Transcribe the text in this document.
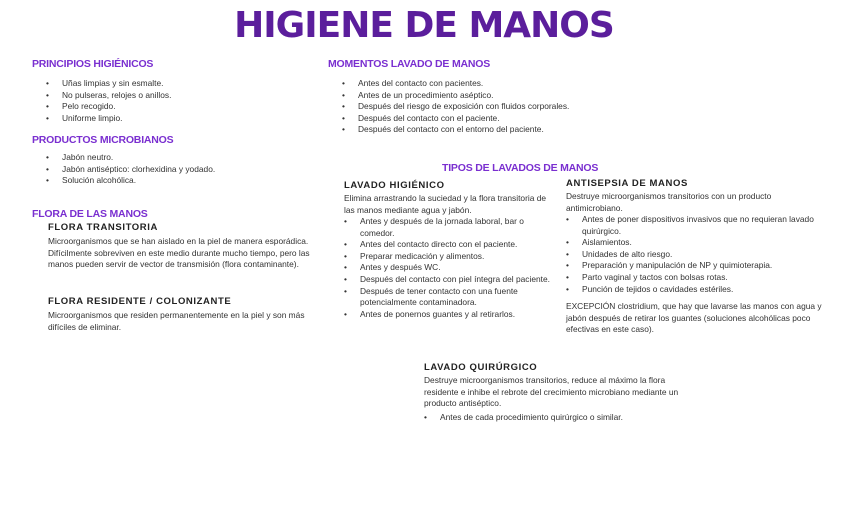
HIGIENE DE MANOS
PRINCIPIOS HIGIÉNICOS
• Uñas limpias y sin esmalte.
• No pulseras, relojes o anillos.
• Pelo recogido.
• Uniforme limpio.
PRODUCTOS MICROBIANOS
• Jabón neutro.
• Jabón antiséptico: clorhexidina y yodado.
• Solución alcohólica.
FLORA DE LAS MANOS
FLORA TRANSITORIA

Microorganismos que se han aislado en la piel de manera esporádica. Difícilmente sobreviven en este medio durante mucho tiempo, pero las manos pueden servir de vector de transmisión (flora contaminante).

FLORA RESIDENTE / COLONIZANTE

Microorganismos que residen permanentemente en la piel y son más difíciles de eliminar.

MOMENTOS LAVADO DE MANOS
• Antes del contacto con pacientes.
• Antes de un procedimiento aséptico.
• Después del riesgo de exposición con fluidos corporales.
• Después del contacto con el paciente.
• Después del contacto con el entorno del paciente.
TIPOS DE LAVADOS DE MANOS
LAVADO HIGIÉNICO

Elimina arrastrando la suciedad y la flora transitoria de las manos mediante agua y jabón.

• Antes y después de la jornada laboral, bar o comedor.
• Antes del contacto directo con el paciente.
• Preparar medicación y alimentos.
• Antes y después WC.
• Después del contacto con piel íntegra del paciente.
• Después de tener contacto con una fuente potencialmente contaminadora.
• Antes de ponernos guantes y al retirarlos.
ANTISEPSIA DE MANOS

Destruye microorganismos transitorios con un producto antimicrobiano.

• Antes de poner dispositivos invasivos que no requieran lavado quirúrgico.
• Aislamientos.
• Unidades de alto riesgo.
• Preparación y manipulación de NP y quimioterapia.
• Parto vaginal y tactos con bolsas rotas.
• Punción de tejidos o cavidades estériles.

EXCEPCIÓN clostridium, que hay que lavarse las manos con agua y jabón después de retirar los guantes (soluciones alcohólicas poco efectivas en este caso).

LAVADO QUIRÚRGICO

Destruye microorganismos transitorios, reduce al máximo la flora residente e inhibe el rebrote del crecimiento microbiano mediante un producto antiséptico.

• Antes de cada procedimiento quirúrgico o similar.
